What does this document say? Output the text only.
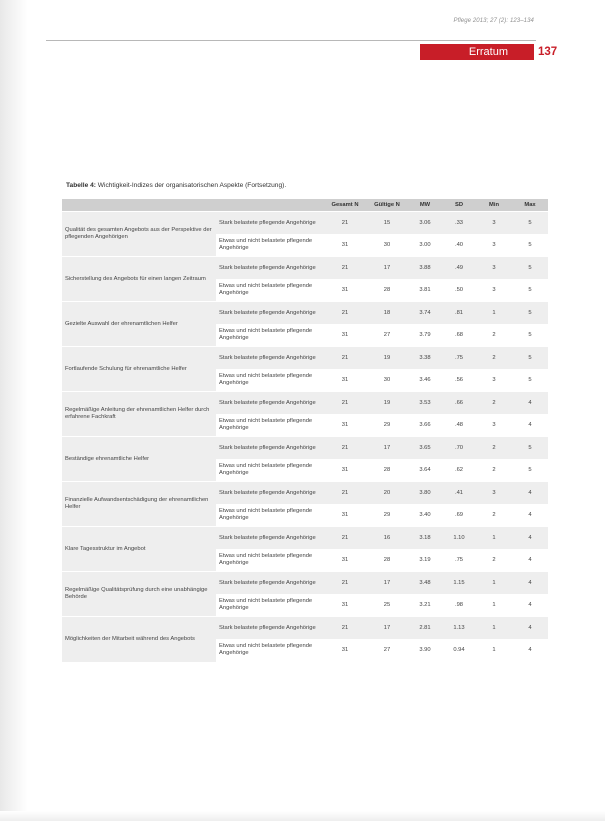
Pflege 2013; 27 (2): 123–134
Erratum	137
Tabelle 4: Wichtigkeit-Indizes der organisatorischen Aspekte (Fortsetzung).
		Gesamt N	Gültige N	MW	SD	Min	Max
Qualität des gesamten Angebots aus der Perspektive der pflegenden Angehörigen	Stark belastete pflegende Angehörige	21	15	3.06	.33	3	5
	Etwas und nicht belastete pflegende Angehörige	31	30	3.00	.40	3	5
Sicherstellung des Angebots für einen langen Zeitraum	Stark belastete pflegende Angehörige	21	17	3.88	.49	3	5
	Etwas und nicht belastete pflegende Angehörige	31	28	3.81	.50	3	5
Gezielte Auswahl der ehrenamtlichen Helfer	Stark belastete pflegende Angehörige	21	18	3.74	.81	1	5
	Etwas und nicht belastete pflegende Angehörige	31	27	3.79	.68	2	5
Fortlaufende Schulung für ehrenamtliche Helfer	Stark belastete pflegende Angehörige	21	19	3.38	.75	2	5
	Etwas und nicht belastete pflegende Angehörige	31	30	3.46	.56	3	5
Regelmäßige Anleitung der ehrenamtlichen Helfer durch erfahrene Fachkraft	Stark belastete pflegende Angehörige	21	19	3.53	.66	2	4
	Etwas und nicht belastete pflegende Angehörige	31	29	3.66	.48	3	4
Beständige ehrenamtliche Helfer	Stark belastete pflegende Angehörige	21	17	3.65	.70	2	5
	Etwas und nicht belastete pflegende Angehörige	31	28	3.64	.62	2	5
Finanzielle Aufwandsentschädigung der ehrenamtlichen Helfer	Stark belastete pflegende Angehörige	21	20	3.80	.41	3	4
	Etwas und nicht belastete pflegende Angehörige	31	29	3.40	.69	2	4
Klare Tagesstruktur im Angebot	Stark belastete pflegende Angehörige	21	16	3.18	1.10	1	4
	Etwas und nicht belastete pflegende Angehörige	31	28	3.19	.75	2	4
Regelmäßige Qualitätsprüfung durch eine unabhängige Behörde	Stark belastete pflegende Angehörige	21	17	3.48	1.15	1	4
	Etwas und nicht belastete pflegende Angehörige	31	25	3.21	.98	1	4
Möglichkeiten der Mitarbeit während des Angebots	Stark belastete pflegende Angehörige	21	17	2.81	1.13	1	4
	Etwas und nicht belastete pflegende Angehörige	31	27	3.90	0.94	1	4
